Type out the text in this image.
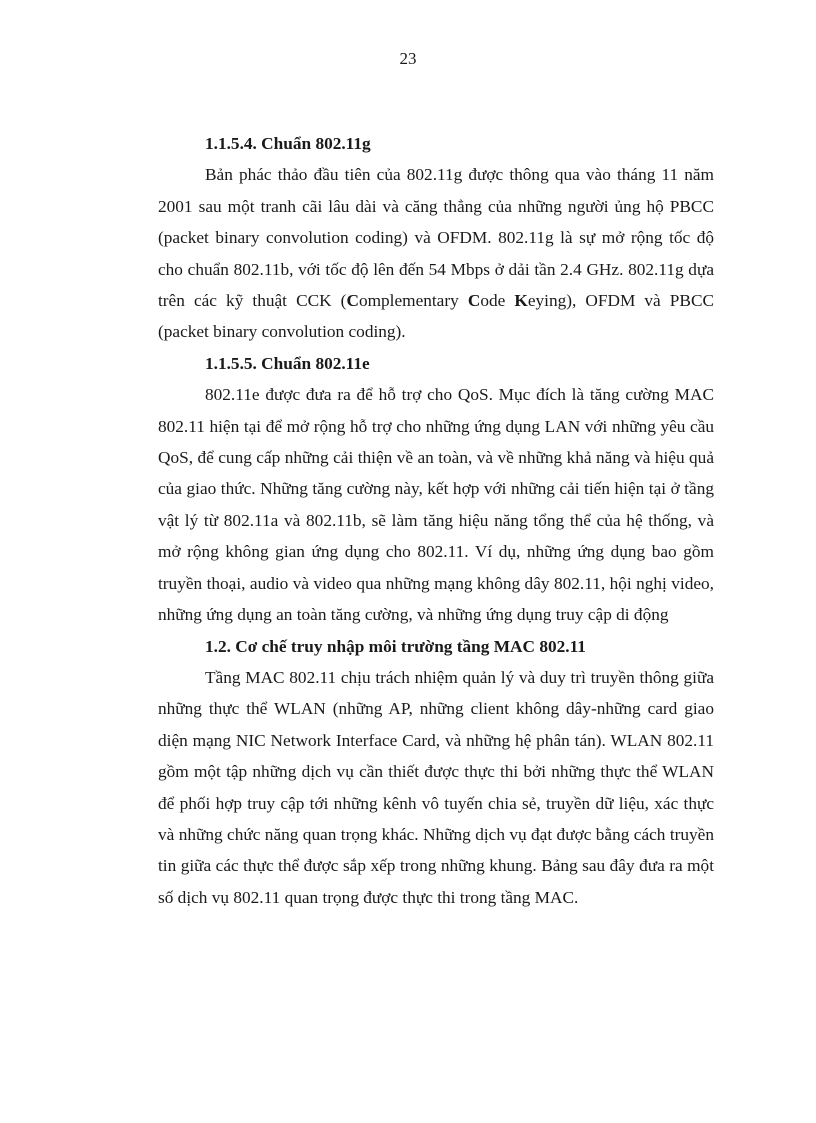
23

1.1.5.4. Chuẩn 802.11g

Bản phác thảo đầu tiên của 802.11g được thông qua vào tháng 11 năm 2001 sau một tranh cãi lâu dài và căng thẳng của những người ủng hộ PBCC (packet binary convolution coding) và OFDM. 802.11g là sự mở rộng tốc độ cho chuẩn 802.11b, với tốc độ lên đến 54 Mbps ở dải tần 2.4 GHz. 802.11g dựa trên các kỹ thuật CCK (Complementary Code Keying), OFDM và PBCC (packet binary convolution coding).

1.1.5.5. Chuẩn 802.11e

802.11e được đưa ra để hỗ trợ cho QoS. Mục đích là tăng cường MAC 802.11 hiện tại để mở rộng hỗ trợ cho những ứng dụng LAN với những yêu cầu QoS, để cung cấp những cải thiện về an toàn, và về những khả năng và hiệu quả của giao thức. Những tăng cường này, kết hợp với những cải tiến hiện tại ở tầng vật lý từ 802.11a và 802.11b, sẽ làm tăng hiệu năng tổng thể của hệ thống, và mở rộng không gian ứng dụng cho 802.11. Ví dụ, những ứng dụng bao gồm truyền thoại, audio và video qua những mạng không dây 802.11, hội nghị video, những ứng dụng an toàn tăng cường, và những ứng dụng truy cập di động

1.2. Cơ chế truy nhập môi trường tầng MAC 802.11

Tầng MAC 802.11 chịu trách nhiệm quản lý và duy trì truyền thông giữa những thực thể WLAN (những AP, những client không dây-những card giao diện mạng NIC Network Interface Card, và những hệ phân tán). WLAN 802.11 gồm một tập những dịch vụ cần thiết được thực thi bởi những thực thể WLAN để phối hợp truy cập tới những kênh vô tuyến chia sẻ, truyền dữ liệu, xác thực và những chức năng quan trọng khác. Những dịch vụ đạt được bằng cách truyền tin giữa các thực thể được sắp xếp trong những khung. Bảng sau đây đưa ra một số dịch vụ 802.11 quan trọng được thực thi trong tầng MAC.
